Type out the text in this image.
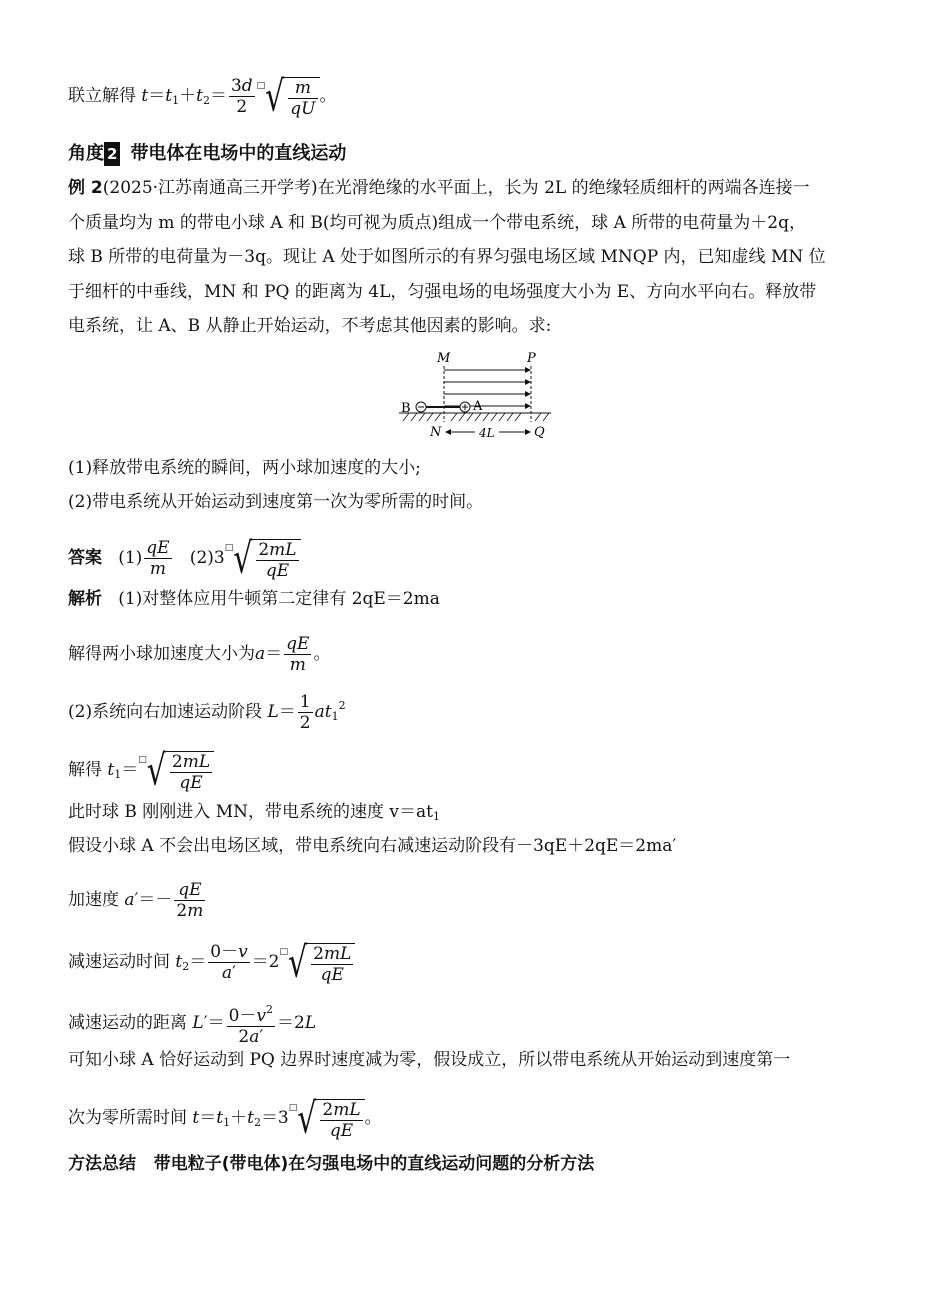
联立解得 $t=t_1+t_2= \frac{3d}{2} ^□√ \frac{m}{qU}$ 。
角度 2 带电体在电场中的直线运动
例 2(2025·江苏南通高三开学考)在光滑绝缘的水平面上，长为 2L 的绝缘轻质细杆的两端各连接一
个质量均为 m 的带电小球 A 和 B(均可视为质点)组成一个带电系统，球 A 所带的电荷量为＋2q，
球 B 所带的电荷量为－3q。现让 A 处于如图所示的有界匀强电场区域 MNQP 内，已知虚线 MN 位
于细杆的中垂线，MN 和 PQ 的距离为 4L，匀强电场的电场强度大小为 E、方向水平向右。释放带
电系统，让 A、B 从静止开始运动，不考虑其他因素的影响。求:
M	P
B	A
N	Q
4L
(1)释放带电系统的瞬间，两小球加速度的大小;
(2)带电系统从开始运动到速度第一次为零所需的时间。
答案   $(1) \frac{qE}{m} (2)3^□√ \frac{2mL}{qE}$
解析 (1)对整体应用牛顿第二定律有 2qE＝2ma
解得两小球加速度大小为$a= \frac{qE}{m}$ 。
(2)系统向右加速运动阶段 $L= \frac{1}{2} at_1^2$
解得 $t_1=^□√ \frac{2mL}{qE}$
此时球 B 刚刚进入 MN，带电系统的速度 $v=at_1$
假设小球 A 不会出电场区域，带电系统向右减速运动阶段有－3qE＋2qE＝2ma′
加速度 $a'=- \frac{qE}{2m}$
减速运动时间 $t_2= \frac{0-v}{a'} =2^□√ \frac{2mL}{qE}$
减速运动的距离 $L'= \frac{0-v^2}{2a'} =2L$
可知小球 A 恰好运动到 PQ 边界时速度减为零，假设成立，所以带电系统从开始运动到速度第一
次为零所需时间 $t=t_1+t_2=3^□√ \frac{2mL}{qE}$ 。
方法总结 带电粒子(带电体)在匀强电场中的直线运动问题的分析方法
